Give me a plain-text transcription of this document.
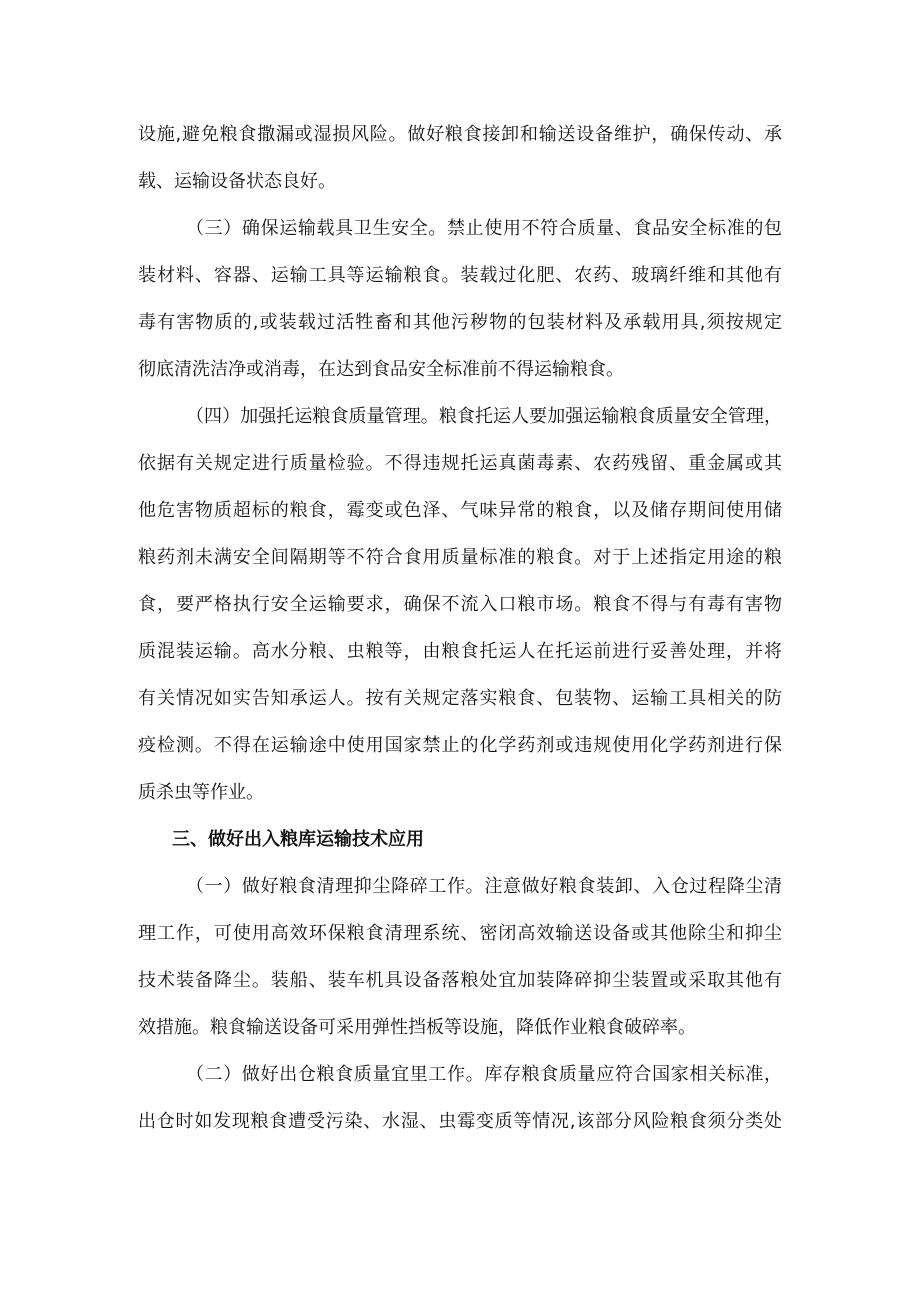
设施,避免粮食撒漏或湿损风险。做好粮食接卸和输送设备维护，确保传动、承
载、运输设备状态良好。
（三）确保运输载具卫生安全。禁止使用不符合质量、食品安全标准的包
装材料、容器、运输工具等运输粮食。装载过化肥、农药、玻璃纤维和其他有
毒有害物质的,或装载过活牲畜和其他污秽物的包装材料及承载用具,须按规定
彻底清洗洁净或消毒，在达到食品安全标准前不得运输粮食。
（四）加强托运粮食质量管理。粮食托运人要加强运输粮食质量安全管理，
依据有关规定进行质量检验。不得违规托运真菌毒素、农药残留、重金属或其
他危害物质超标的粮食，霉变或色泽、气味异常的粮食，以及储存期间使用储
粮药剂未满安全间隔期等不符合食用质量标准的粮食。对于上述指定用途的粮
食，要严格执行安全运输要求，确保不流入口粮市场。粮食不得与有毒有害物
质混装运输。高水分粮、虫粮等，由粮食托运人在托运前进行妥善处理，并将
有关情况如实告知承运人。按有关规定落实粮食、包装物、运输工具相关的防
疫检测。不得在运输途中使用国家禁止的化学药剂或违规使用化学药剂进行保
质杀虫等作业。
三、做好出入粮库运输技术应用
（一）做好粮食清理抑尘降碎工作。注意做好粮食装卸、入仓过程降尘清
理工作，可使用高效环保粮食清理系统、密闭高效输送设备或其他除尘和抑尘
技术装备降尘。装船、装车机具设备落粮处宜加装降碎抑尘装置或采取其他有
效措施。粮食输送设备可采用弹性挡板等设施，降低作业粮食破碎率。
（二）做好出仓粮食质量宜里工作。库存粮食质量应符合国家相关标准，
出仓时如发现粮食遭受污染、水湿、虫霉变质等情况,该部分风险粮食须分类处
